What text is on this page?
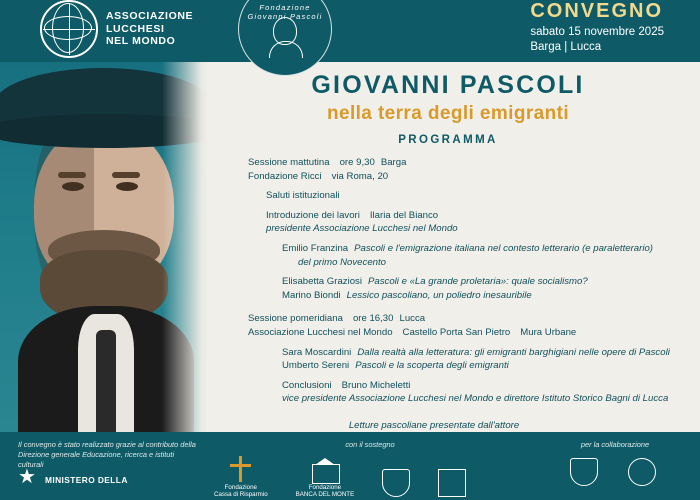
ASSOCIAZIONE
LUCCHESI
NEL MONDO
Fondazione Giovanni Pascoli	CONVEGNO
sabato 15 novembre 2025
Barga | Lucca
GIOVANNI PASCOLI
nella terra degli emigranti
PROGRAMMA
Sessione mattutina ore 9,30 Barga
Fondazione Ricci via Roma, 20
Saluti istituzionali
Introduzione dei lavori Ilaria del Bianco
presidente Associazione Lucchesi nel Mondo
Emilio Franzina Pascoli e l'emigrazione italiana nel contesto letterario (e paraletterario)
del primo Novecento
Elisabetta Graziosi Pascoli e «La grande proletaria»: quale socialismo?
Marino Biondi Lessico pascoliano, un poliedro inesauribile
Sessione pomeridiana ore 16,30 Lucca
Associazione Lucchesi nel Mondo Castello Porta San Pietro Mura Urbane
Sara Moscardini Dalla realtà alla letteratura: gli emigranti barghigiani nelle opere di Pascoli
Umberto Sereni Pascoli e la scoperta degli emigranti
Conclusioni Bruno Micheletti
vice presidente Associazione Lucchesi nel Mondo e direttore Istituto Storico Bagni di Lucca
Letture pascoliane presentate dall'attore
Il convegno è stato realizzato grazie al contributo della Direzione generale Educazione, ricerca e istituti culturali
★
MINISTERO DELLA
con il sostegno
Fondazione
Cassa di Risparmio
Fondazione
BANCA DEL MONTE
per la collaborazione
